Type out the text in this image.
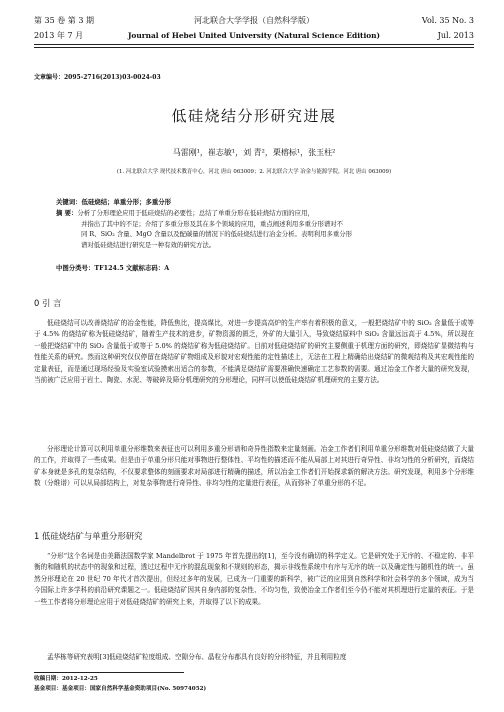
第 35 卷 第 3 期
2013 年 7 月
河北联合大学学报（自然科学版）
Journal of Hebei United University (Natural Science Edition)
Vol. 35 No. 3
Jul. 2013
文章编号：2095-2716(2013)03-0024-03
低硅烧结分形研究进展
马雷刚¹，崔志敏¹，刘 青²，栗榕标¹，张玉柱²
(1. 河北联合大学 现代技术教育中心，河北 唐山 063009；2. 河北联合大学 冶金与能源学院，河北 唐山 063009)
关键词：低硅烧结；单重分形；多重分形
摘 要：分析了分形理论应用于低硅烧结的必要性；总结了单重分形在低硅烧结方面的应用，
并指出了其中的不足；介绍了多重分形及其在多个领域的应用，重点阐述利用多重分形谱对不
同 R、SiO₂ 含量、MgO 含量以及配碳量的情况下的低硅烧结进行冶金分析。表明利用多重分形
谱对低硅烧结进行研究是一种有效的研究方法。
中图分类号：TF124.5 文献标志码：A
0 引 言
低硅烧结可以改善烧结矿的冶金性能，降低焦比，提高煤比，对进一步提高高炉的生产率有着积极的意义，一般把烧结矿中的 SiO₂ 含量低于或等于 4.5% 的烧结矿称为低硅烧结矿，随着生产技术的进步，矿物资源的匮乏，外矿的大量引入，导致烧结原料中 SiO₂ 含量远远高于 4.5%，所以现在一般把烧结矿中的 SiO₂ 含量低于或等于 5.0% 的烧结矿称为低硅烧结矿。目前对低硅烧结矿的研究主要侧重于机理方面的研究，即烧结矿显微结构与性能关系的研究。然而这种研究仅仅停留在烧结矿矿物组成及形貌对宏观性能的定性描述上，无法在工程上精确给出烧结矿的微观结构及其宏观性能的定量表征，而是通过现场经验及实验室试验摸索出适合的参数，不能满足烧结矿需要准确快速确定工艺参数的需要。通过冶金工作者大量的研究发现，当前被广泛应用于岩土、陶瓷、水泥、等破碎及筛分机理研究的分形理论，同样可以使低硅烧结矿机理研究的主要方法。
分形理论计算可以利用单重分形维数来表征也可以利用多重分形谱和奇异性指数来定量刻画。冶金工作者们利用单重分形维数对低硅烧结做了大量的工作，并取得了一些成果。但是由于单重分形只能对事物进行整体性、平均性的描述而不能从局部上对其进行奇异性、非均匀性的分析研究，而烧结矿本身就是多孔的复杂结构，不仅要求整体的刻画要求对局部进行精确的描述，所以冶金工作者们开始探求新的解决方法。研究发现，利用多个分形维数（分维谱）可以从局部结构上，对复杂事物进行奇异性、非均匀性的定量进行表征，从而弥补了单重分形的不足。
1 低硅烧结矿与单重分形研究
“分形”这个名词是由美籍法国数学家 Mandelbrot 于 1975 年首先提出的[1]，至今没有确切的科学定义。它是研究处于无序的、不稳定的、非平衡的和随机的状态中的现象和过程，透过过程中无序的混乱现象和不规则的形态，揭示非线性系统中有序与无序的统一以及确定性与随机性的统一。虽然分形理论在 20 世纪 70 年代才首次提出，但经过多年的发展，已成为一门重要的新科学，被广泛的应用到自然科学和社会科学的多个领域，成为当今国际上许多学科的前沿研究课题之一。低硅烧结矿因其自身内部的复杂性、不均匀性，致使冶金工作者们至今仍不能对其机理进行定量的表征。于是一些工作者将分形理论应用于对低硅烧结矿的研究上来，并取得了以下的成果。
孟华栋等研究表明[3]低硅烧结矿粒度组成、空隙分布、晶粒分布都具有良好的分形特征，并且利用粒度
收稿日期：2012-12-25
基金项目：基金项目：国家自然科学基金资助项目(No. 50974052)
